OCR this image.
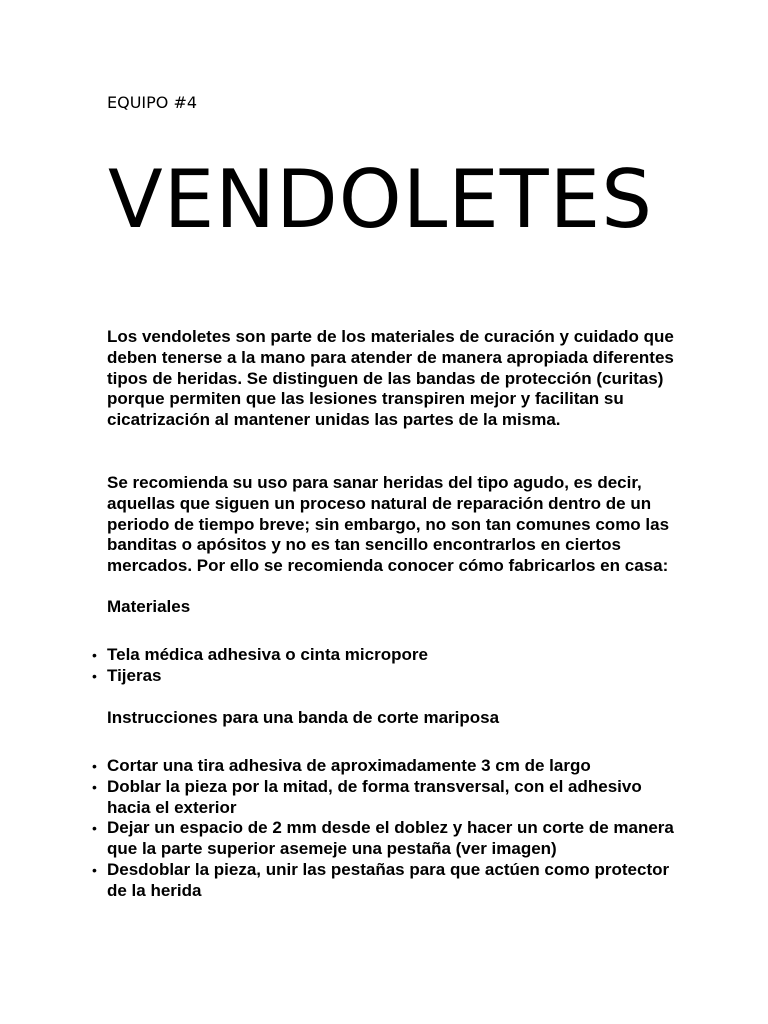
EQUIPO #4
VENDOLETES

Los vendoletes son parte de los materiales de curación y cuidado que deben tenerse a la mano para atender de manera apropiada diferentes tipos de heridas. Se distinguen de las bandas de protección (curitas) porque permiten que las lesiones transpiren mejor y facilitan su cicatrización al mantener unidas las partes de la misma.

Se recomienda su uso para sanar heridas del tipo agudo, es decir, aquellas que siguen un proceso natural de reparación dentro de un periodo de tiempo breve; sin embargo, no son tan comunes como las banditas o apósitos y no es tan sencillo encontrarlos en ciertos mercados. Por ello se recomienda conocer cómo fabricarlos en casa:

Materiales

• Tela médica adhesiva o cinta micropore
• Tijeras

Instrucciones para una banda de corte mariposa

• Cortar una tira adhesiva de aproximadamente 3 cm de largo
• Doblar la pieza por la mitad, de forma transversal, con el adhesivo hacia el exterior
• Dejar un espacio de 2 mm desde el doblez y hacer un corte de manera que la parte superior asemeje una pestaña (ver imagen)
• Desdoblar la pieza, unir las pestañas para que actúen como protector de la herida
